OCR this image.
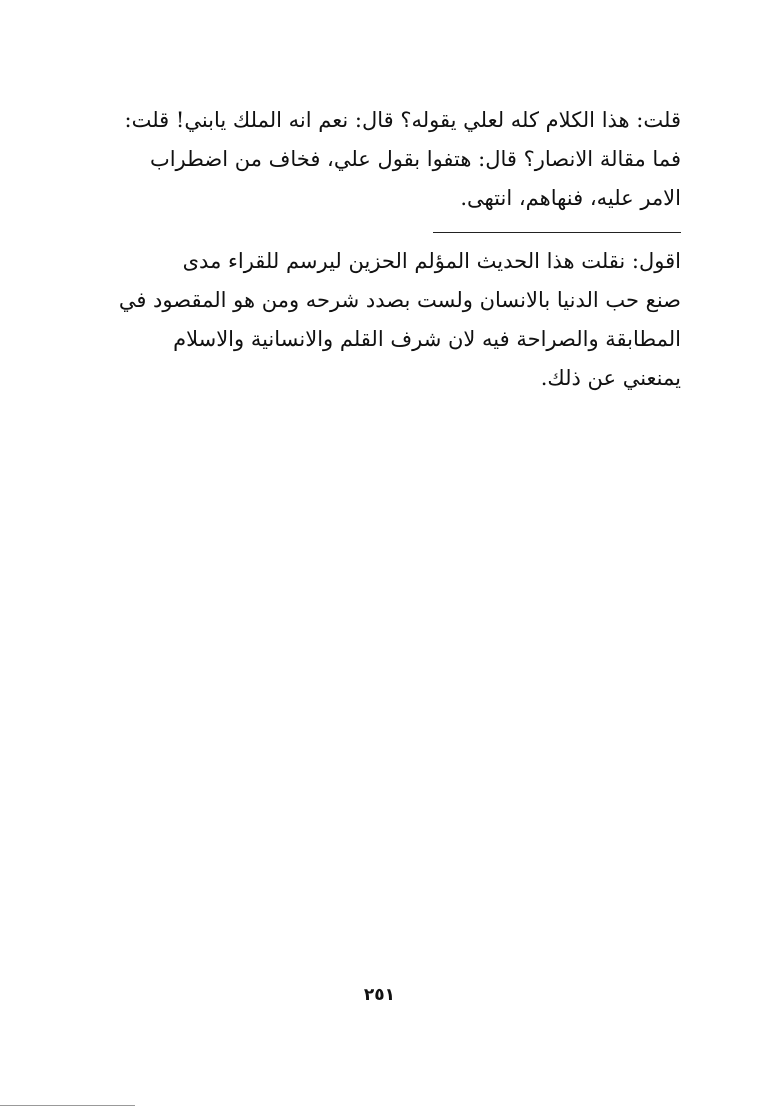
قلت: هذا الكلام كله لعلي يقوله؟ قال: نعم انه الملك يابني! قلت:
فما مقالة الانصار؟ قال: هتفوا بقول علي، فخاف من اضطراب
الامر عليه، فنهاهم، انتهى.
اقول: نقلت هذا الحديث المؤلم الحزين ليرسم للقراء مدى
صنع حب الدنيا بالانسان ولست بصدد شرحه ومن هو المقصود في
المطابقة والصراحة فيه لان شرف القلم والانسانية والاسلام
يمنعني عن ذلك.
٢٥١
